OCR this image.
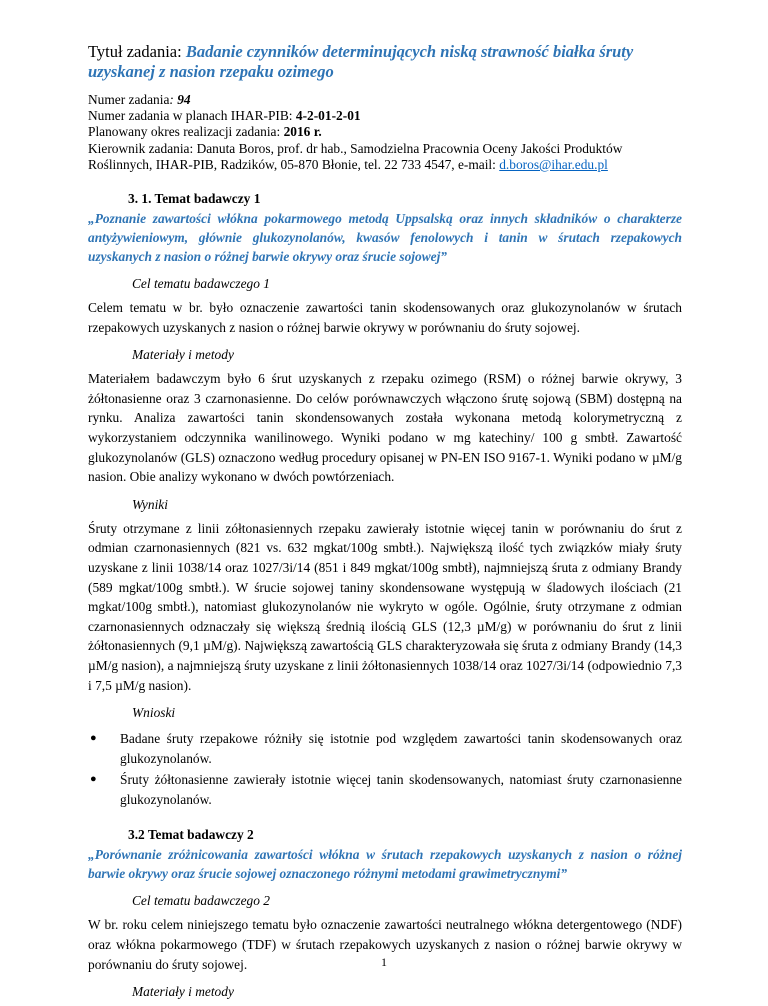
Tytuł zadania: Badanie czynników determinujących niską strawność białka śruty uzyskanej z nasion rzepaku ozimego

Numer zadania: 94

Numer zadania w planach IHAR-PIB: 4-2-01-2-01

Planowany okres realizacji zadania: 2016 r.

Kierownik zadania: Danuta Boros, prof. dr hab., Samodzielna Pracownia Oceny Jakości Produktów Roślinnych, IHAR-PIB, Radzików, 05-870 Błonie, tel. 22 733 4547, e-mail: d.boros@ihar.edu.pl

3. 1. Temat badawczy 1

„Poznanie zawartości włókna pokarmowego metodą Uppsalską oraz innych składników o charakterze antyżywieniowym, głównie glukozynolanów, kwasów fenolowych i tanin w śrutach rzepakowych uzyskanych z nasion o różnej barwie okrywy oraz śrucie sojowej”

Cel tematu badawczego 1

Celem tematu w br. było oznaczenie zawartości tanin skodensowanych oraz glukozynolanów w śrutach rzepakowych uzyskanych z nasion o różnej barwie okrywy w porównaniu do śruty sojowej.

Materiały i metody

Materiałem badawczym było 6 śrut uzyskanych z rzepaku ozimego (RSM) o różnej barwie okrywy, 3 żółtonasienne oraz 3 czarnonasienne. Do celów porównawczych włączono śrutę sojową (SBM) dostępną na rynku. Analiza zawartości tanin skondensowanych została wykonana metodą kolorymetryczną z wykorzystaniem odczynnika wanilinowego. Wyniki podano w mg katechiny/ 100 g smbtł. Zawartość glukozynolanów (GLS) oznaczono według procedury opisanej w PN-EN ISO 9167-1. Wyniki podano w µM/g nasion. Obie analizy wykonano w dwóch powtórzeniach.

Wyniki

Śruty otrzymane z linii zółtonasiennych rzepaku zawierały istotnie więcej tanin w porównaniu do śrut z odmian czarnonasiennych (821 vs. 632 mgkat/100g smbtł.). Największą ilość tych związków miały śruty uzyskane z linii 1038/14 oraz 1027/3i/14 (851 i 849 mgkat/100g smbtł), najmniejszą śruta z odmiany Brandy (589 mgkat/100g smbtł.). W śrucie sojowej taniny skondensowane występują w śladowych ilościach (21 mgkat/100g smbtł.), natomiast glukozynolanów nie wykryto w ogóle. Ogólnie, śruty otrzymane z odmian czarnonasiennych odznaczały się większą średnią ilością GLS (12,3 µM/g) w porównaniu do śrut z linii żółtonasiennych (9,1 µM/g). Największą zawartością GLS charakteryzowała się śruta z odmiany Brandy (14,3 µM/g nasion), a najmniejszą śruty uzyskane z linii żółtonasiennych 1038/14 oraz 1027/3i/14 (odpowiednio 7,3 i 7,5 µM/g nasion).

Wnioski
● Badane śruty rzepakowe różniły się istotnie pod względem zawartości tanin skodensowanych oraz glukozynolanów.
● Śruty żółtonasienne zawierały istotnie więcej tanin skodensowanych, natomiast śruty czarnonasienne glukozynolanów.
3.2 Temat badawczy 2

„Porównanie zróżnicowania zawartości włókna w śrutach rzepakowych uzyskanych z nasion o różnej barwie okrywy oraz śrucie sojowej oznaczonego różnymi metodami grawimetrycznymi”

Cel tematu badawczego 2

W br. roku celem niniejszego tematu było oznaczenie zawartości neutralnego włókna detergentowego (NDF) oraz włókna pokarmowego (TDF) w śrutach rzepakowych uzyskanych z nasion o różnej barwie okrywy w porównaniu do śruty sojowej.

Materiały i metody
1
